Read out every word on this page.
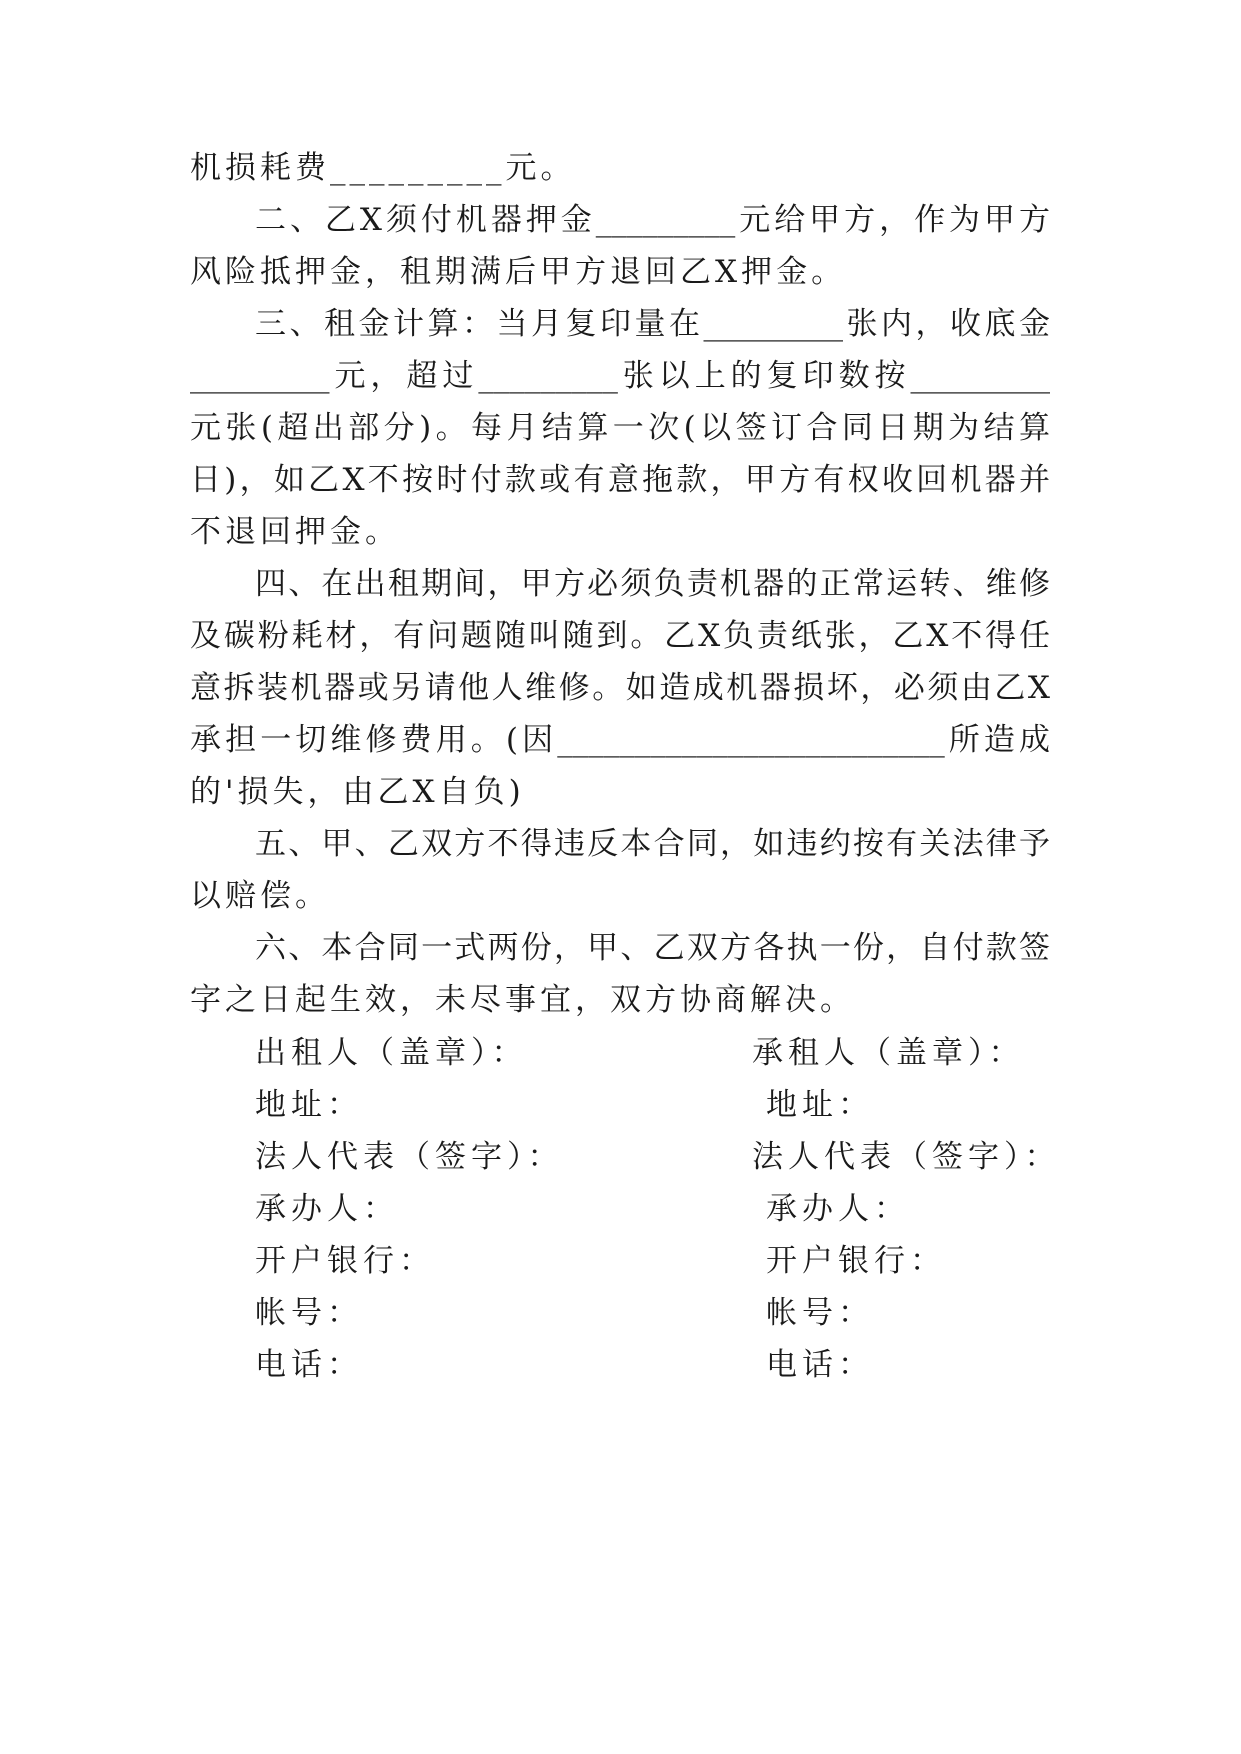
机损耗费_________元。
二、乙X须付机器押金_________元给甲方，作为甲方
风险抵押金，租期满后甲方退回乙X押金。
三、租金计算：当月复印量在_________张内，收底金
_________元，超过_________张以上的复印数按_________
元张(超出部分)。每月结算一次(以签订合同日期为结算
日)，如乙X不按时付款或有意拖款，甲方有权收回机器并
不退回押金。
四、在出租期间，甲方必须负责机器的正常运转、维修
及碳粉耗材，有问题随叫随到。乙X负责纸张，乙X不得任
意拆装机器或另请他人维修。如造成机器损坏，必须由乙X
承担一切维修费用。(因_________________________所造成
的'损失，由乙X自负)
五、甲、乙双方不得违反本合同，如违约按有关法律予
以赔偿。
六、本合同一式两份，甲、乙双方各执一份，自付款签
字之日起生效，未尽事宜，双方协商解决。
出租人（盖章）：
地址：
法人代表（签字）：
承办人：
开户银行：
帐号：
电话：
承租人（盖章）：
地址：
法人代表（签字）：
承办人：
开户银行：
帐号：
电话：
